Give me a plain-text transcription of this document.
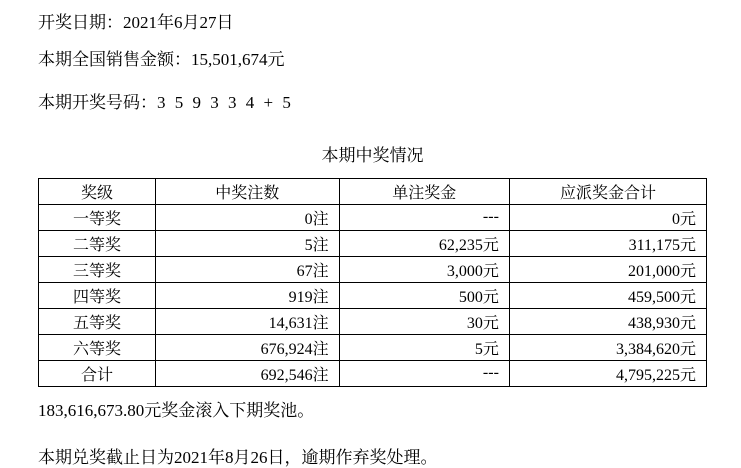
开奖日期：2021年6月27日
本期全国销售金额：15,501,674元
本期开奖号码：3 5 9 3 3 4 + 5
本期中奖情况
奖级	中奖注数	单注奖金	应派奖金合计
一等奖	0注	---	0元
二等奖	5注	62,235元	311,175元
三等奖	67注	3,000元	201,000元
四等奖	919注	500元	459,500元
五等奖	14,631注	30元	438,930元
六等奖	676,924注	5元	3,384,620元
合计	692,546注	---	4,795,225元
183,616,673.80元奖金滚入下期奖池。
本期兑奖截止日为2021年8月26日，逾期作弃奖处理。
